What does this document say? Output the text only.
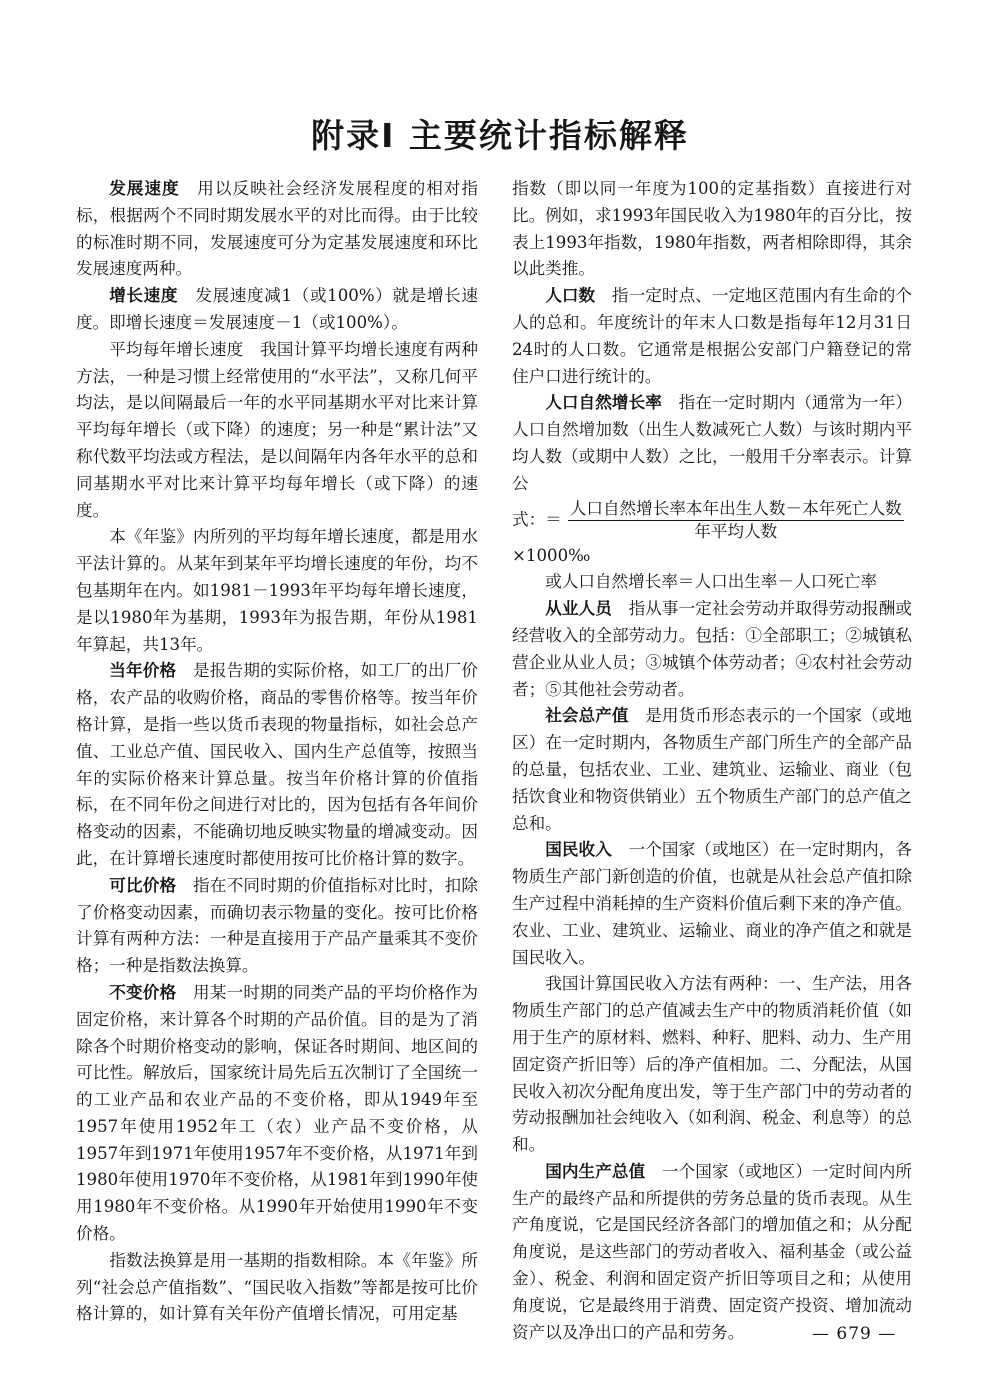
附录Ⅰ 主要统计指标解释

发展速度　用以反映社会经济发展程度的相对指标，根据两个不同时期发展水平的对比而得。由于比较的标准时期不同，发展速度可分为定基发展速度和环比发展速度两种。

增长速度　发展速度减1（或100%）就是增长速度。即增长速度＝发展速度－1（或100%）。

平均每年增长速度　我国计算平均增长速度有两种方法，一种是习惯上经常使用的“水平法”，又称几何平均法，是以间隔最后一年的水平同基期水平对比来计算平均每年增长（或下降）的速度；另一种是“累计法”又称代数平均法或方程法，是以间隔年内各年水平的总和同基期水平对比来计算平均每年增长（或下降）的速度。

本《年鉴》内所列的平均每年增长速度，都是用水平法计算的。从某年到某年平均增长速度的年份，均不包基期年在内。如1981－1993年平均每年增长速度，是以1980年为基期，1993年为报告期，年份从1981年算起，共13年。

当年价格　是报告期的实际价格，如工厂的出厂价格，农产品的收购价格，商品的零售价格等。按当年价格计算，是指一些以货币表现的物量指标，如社会总产值、工业总产值、国民收入、国内生产总值等，按照当年的实际价格来计算总量。按当年价格计算的价值指标，在不同年份之间进行对比的，因为包括有各年间价格变动的因素，不能确切地反映实物量的增减变动。因此，在计算增长速度时都使用按可比价格计算的数字。

可比价格　指在不同时期的价值指标对比时，扣除了价格变动因素，而确切表示物量的变化。按可比价格计算有两种方法：一种是直接用于产品产量乘其不变价格；一种是指数法换算。

不变价格　用某一时期的同类产品的平均价格作为固定价格，来计算各个时期的产品价值。目的是为了消除各个时期价格变动的影响，保证各时期间、地区间的可比性。解放后，国家统计局先后五次制订了全国统一的工业产品和农业产品的不变价格，即从1949年至1957年使用1952年工（农）业产品不变价格，从1957年到1971年使用1957年不变价格，从1971年到1980年使用1970年不变价格，从1981年到1990年使用1980年不变价格。从1990年开始使用1990年不变价格。

指数法换算是用一基期的指数相除。本《年鉴》所列“社会总产值指数”、“国民收入指数”等都是按可比价格计算的，如计算有关年份产值增长情况，可用定基

指数（即以同一年度为100的定基指数）直接进行对比。例如，求1993年国民收入为1980年的百分比，按表上1993年指数，1980年指数，两者相除即得，其余以此类推。

人口数　指一定时点、一定地区范围内有生命的个人的总和。年度统计的年末人口数是指每年12月31日24时的人口数。它通常是根据公安部门户籍登记的常住户口进行统计的。

人口自然增长率　指在一定时期内（通常为一年）人口自然增加数（出生人数减死亡人数）与该时期内平均人数（或期中人数）之比，一般用千分率表示。计算公

式：＝ $\frac{\text{人口自然增长率本年出生人数－本年死亡人数}}{\text{年平均人数}}$

×1000‰

或人口自然增长率＝人口出生率－人口死亡率

从业人员　指从事一定社会劳动并取得劳动报酬或经营收入的全部劳动力。包括：①全部职工；②城镇私营企业从业人员；③城镇个体劳动者；④农村社会劳动者；⑤其他社会劳动者。

社会总产值　是用货币形态表示的一个国家（或地区）在一定时期内，各物质生产部门所生产的全部产品的总量，包括农业、工业、建筑业、运输业、商业（包括饮食业和物资供销业）五个物质生产部门的总产值之总和。

国民收入　一个国家（或地区）在一定时期内，各物质生产部门新创造的价值，也就是从社会总产值扣除生产过程中消耗掉的生产资料价值后剩下来的净产值。农业、工业、建筑业、运输业、商业的净产值之和就是国民收入。

我国计算国民收入方法有两种：一、生产法，用各物质生产部门的总产值减去生产中的物质消耗价值（如用于生产的原材料、燃料、种籽、肥料、动力、生产用固定资产折旧等）后的净产值相加。二、分配法，从国民收入初次分配角度出发，等于生产部门中的劳动者的劳动报酬加社会纯收入（如利润、税金、利息等）的总和。

国内生产总值　一个国家（或地区）一定时间内所生产的最终产品和所提供的劳务总量的货币表现。从生产角度说，它是国民经济各部门的增加值之和；从分配角度说，是这些部门的劳动者收入、福利基金（或公益金）、税金、利润和固定资产折旧等项目之和；从使用角度说，它是最终用于消费、固定资产投资、增加流动资产以及净出口的产品和劳务。	— 679 —
